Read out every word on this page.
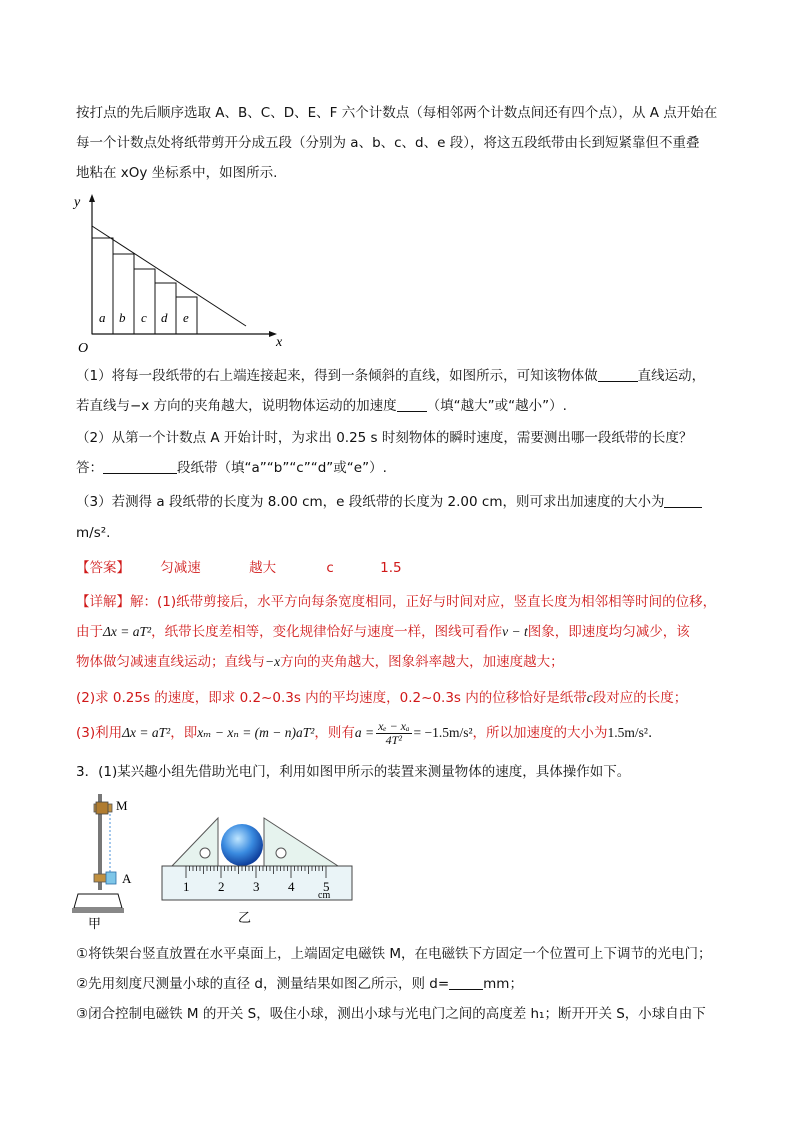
按打点的先后顺序选取 A、B、C、D、E、F 六个计数点（每相邻两个计数点间还有四个点），从 A 点开始在
每一个计数点处将纸带剪开分成五段（分别为 a、b、c、d、e 段），将这五段纸带由长到短紧靠但不重叠
地粘在 xOy 坐标系中，如图所示.
y
x
O
a b c d e
（1）将每一段纸带的右上端连接起来，得到一条倾斜的直线，如图所示，可知该物体做	直线运动，
若直线与−x 方向的夹角越大，说明物体运动的加速度 （填“越大”或“越小”）.
（2）从第一个计数点 A 开始计时，为求出 0.25 s 时刻物体的瞬时速度，需要测出哪一段纸带的长度？
答：	段纸带（填“a”“b”“c”“d”或“e”）.
（3）若测得 a 段纸带的长度为 8.00 cm，e 段纸带的长度为 2.00 cm，则可求出加速度的大小为
m/s².
【答案】 匀减速	越大	c	1.5
【详解】解：(1)纸带剪接后，水平方向每条宽度相同，正好与时间对应，竖直长度为相邻相等时间的位移，
由于Δx = aT²，纸带长度差相等，变化规律恰好与速度一样，图线可看作v − t图象，即速度均匀减少，该
物体做匀减速直线运动；直线与−x方向的夹角越大，图象斜率越大，加速度越大；
(2)求 0.25s 的速度，即求 0.2~0.3s 内的平均速度，0.2~0.3s 内的位移恰好是纸带c段对应的长度；
(3)利用Δx = aT²，即xₘ − xₙ = (m − n)aT²，则有$a = \frac{\text{xₑ − xₐ}}{\text{4T²}} = -1.5m/s^2$，所以加速度的大小为1.5m/s².
3．(1)某兴趣小组先借助光电门，利用如图甲所示的装置来测量物体的速度，具体操作如下。
M
A
甲
1 2 3 4 5
cm
乙
①将铁架台竖直放置在水平桌面上，上端固定电磁铁 M，在电磁铁下方固定一个位置可上下调节的光电门；
②先用刻度尺测量小球的直径 d，测量结果如图乙所示，则 d=	mm；
③闭合控制电磁铁 M 的开关 S，吸住小球，测出小球与光电门之间的高度差 h₁；断开开关 S，小球自由下
